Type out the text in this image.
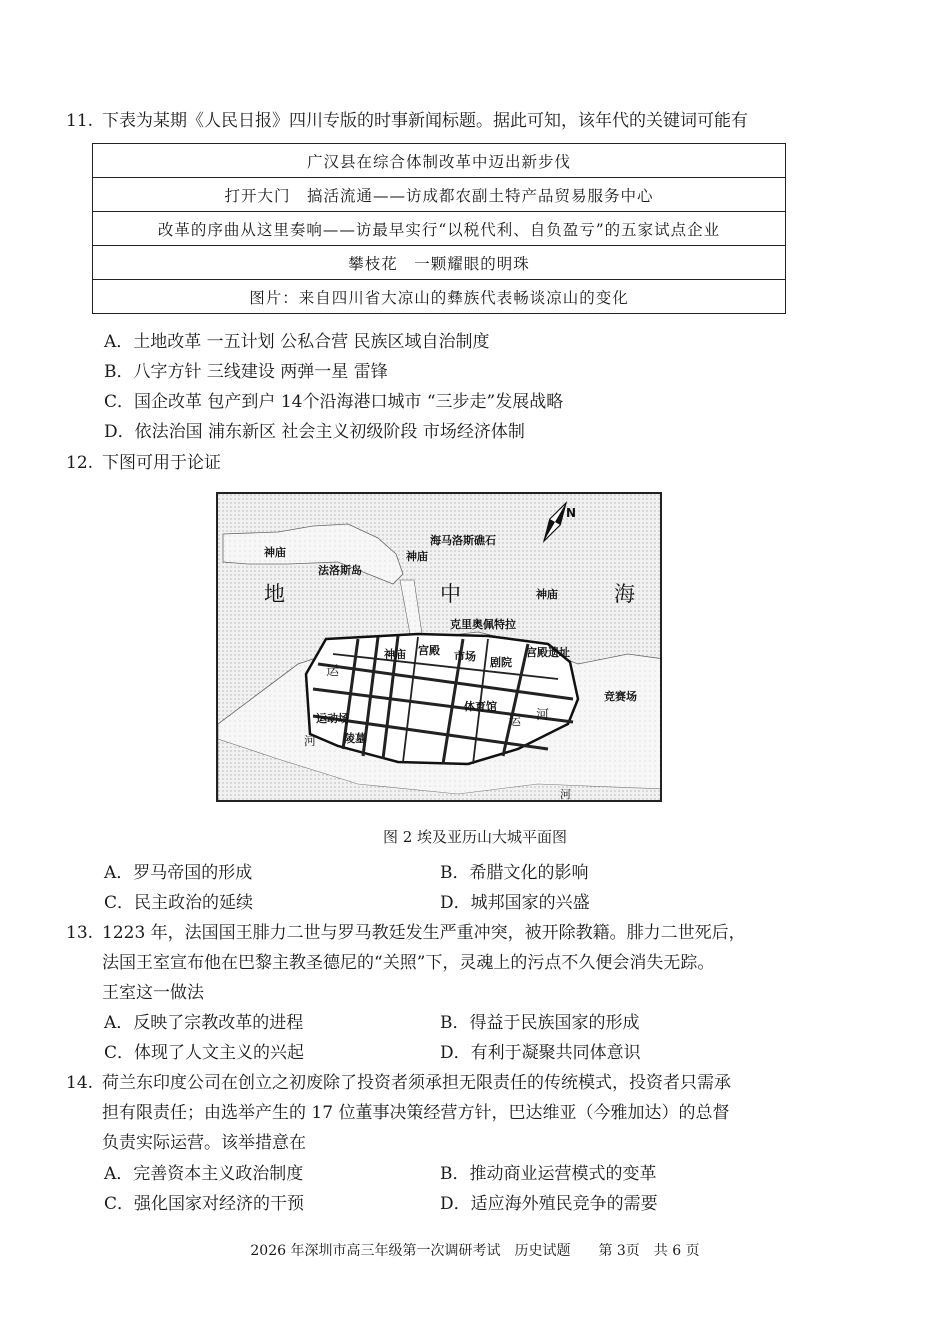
11. 下表为某期《人民日报》四川专版的时事新闻标题。据此可知，该年代的关键词可能有
广汉县在综合体制改革中迈出新步伐
打开大门　搞活流通——访成都农副土特产品贸易服务中心
改革的序曲从这里奏响——访最早实行“以税代利、自负盈亏”的五家试点企业
攀枝花　一颗耀眼的明珠
图片：来自四川省大凉山的彝族代表畅谈凉山的变化
A．土地改革 一五计划 公私合营 民族区域自治制度
B．八字方针 三线建设 两弹一星 雷锋
C．国企改革 包产到户 14个沿海港口城市 “三步走”发展战略
D．依法治国 浦东新区 社会主义初级阶段 市场经济体制
12. 下图可用于论证
海马洛斯礁石
神庙	神庙
法洛斯岛
神庙
克里奥佩特拉
宫殿
神庙	市场 剧院
宫殿遗址
竞赛场
体育馆
运动场
陵墓
运
运 河
河
河
N
地	中	海
图 2 埃及亚历山大城平面图
A．罗马帝国的形成	B．希腊文化的影响
C．民主政治的延续	D．城邦国家的兴盛
13. 1223 年，法国国王腓力二世与罗马教廷发生严重冲突，被开除教籍。腓力二世死后，
法国王室宣布他在巴黎主教圣德尼的“关照”下，灵魂上的污点不久便会消失无踪。
王室这一做法
A．反映了宗教改革的进程	B．得益于民族国家的形成
C．体现了人文主义的兴起	D．有利于凝聚共同体意识
14. 荷兰东印度公司在创立之初废除了投资者须承担无限责任的传统模式，投资者只需承
担有限责任；由选举产生的 17 位董事决策经营方针，巴达维亚（今雅加达）的总督
负责实际运营。该举措意在
A．完善资本主义政治制度	B．推动商业运营模式的变革
C．强化国家对经济的干预	D．适应海外殖民竞争的需要
2026 年深圳市高三年级第一次调研考试　历史试题　　第 3页　共 6 页
